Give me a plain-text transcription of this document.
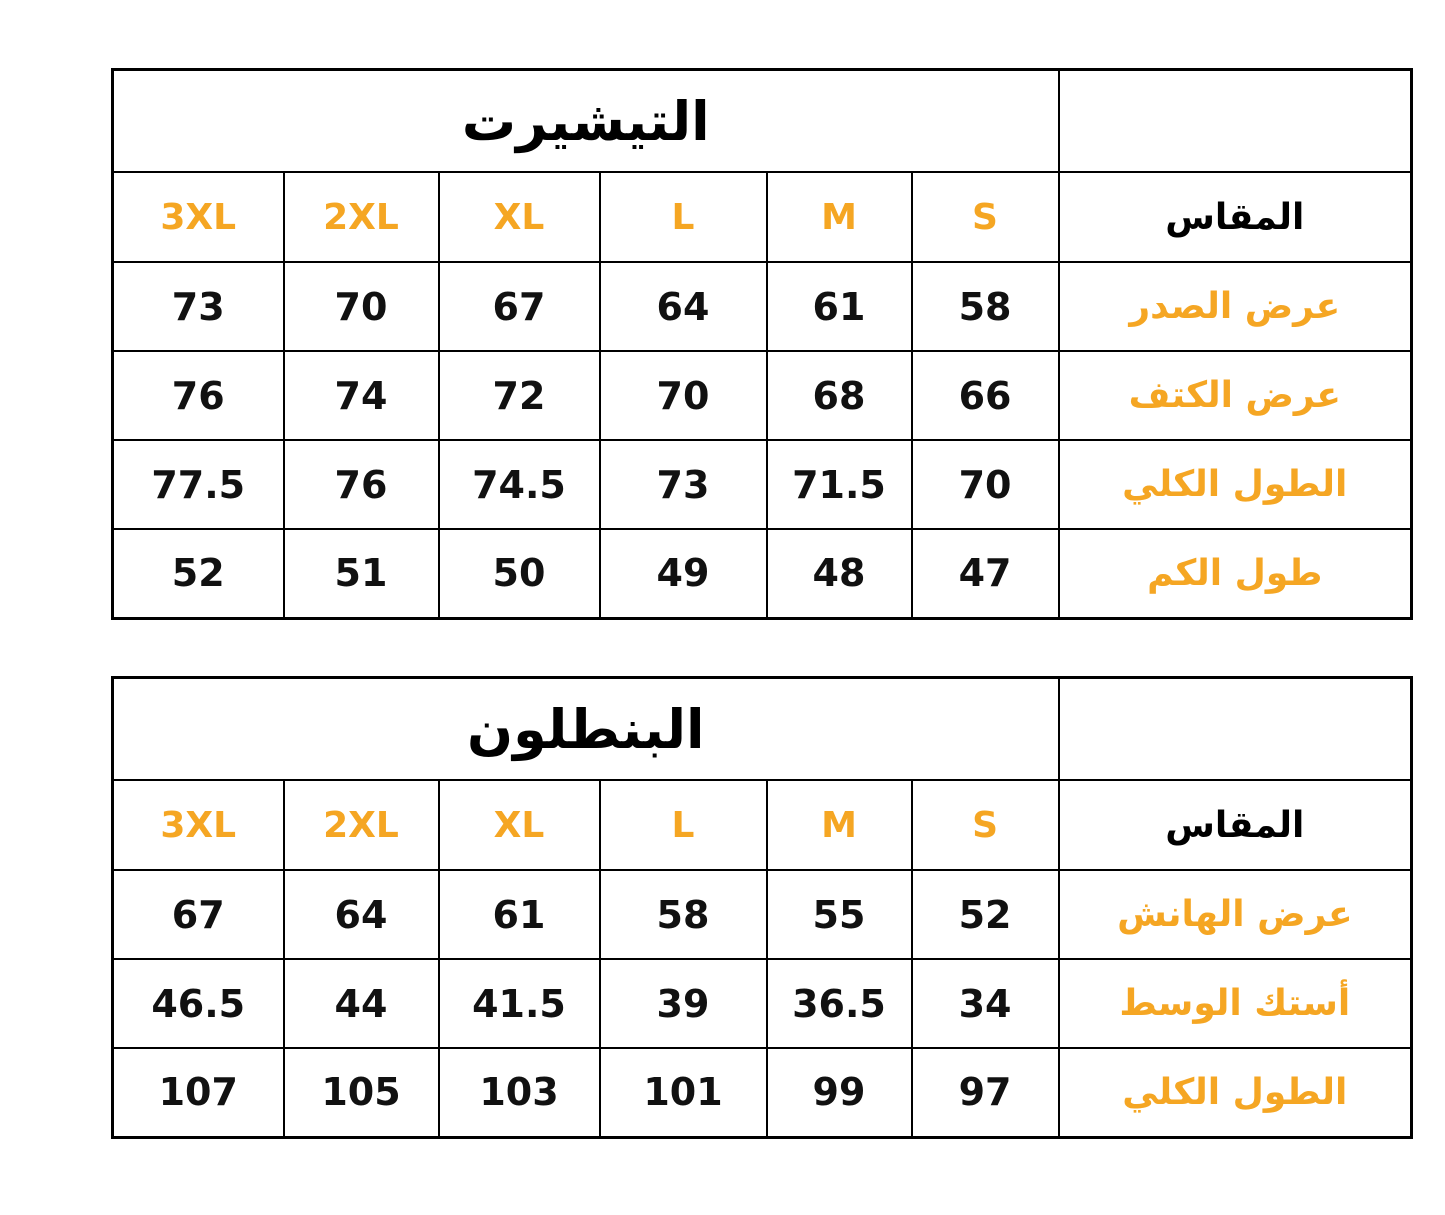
التيشيرت						
3XL	2XL	XL	L	M	S	المقاس
73	70	67	64	61	58	عرض الصدر
76	74	72	70	68	66	عرض الكتف
77.5	76	74.5	73	71.5	70	الطول الكلي
52	51	50	49	48	47	طول الكم
البنطلون						
3XL	2XL	XL	L	M	S	المقاس
67	64	61	58	55	52	عرض الهانش
46.5	44	41.5	39	36.5	34	أستك الوسط
107	105	103	101	99	97	الطول الكلي
